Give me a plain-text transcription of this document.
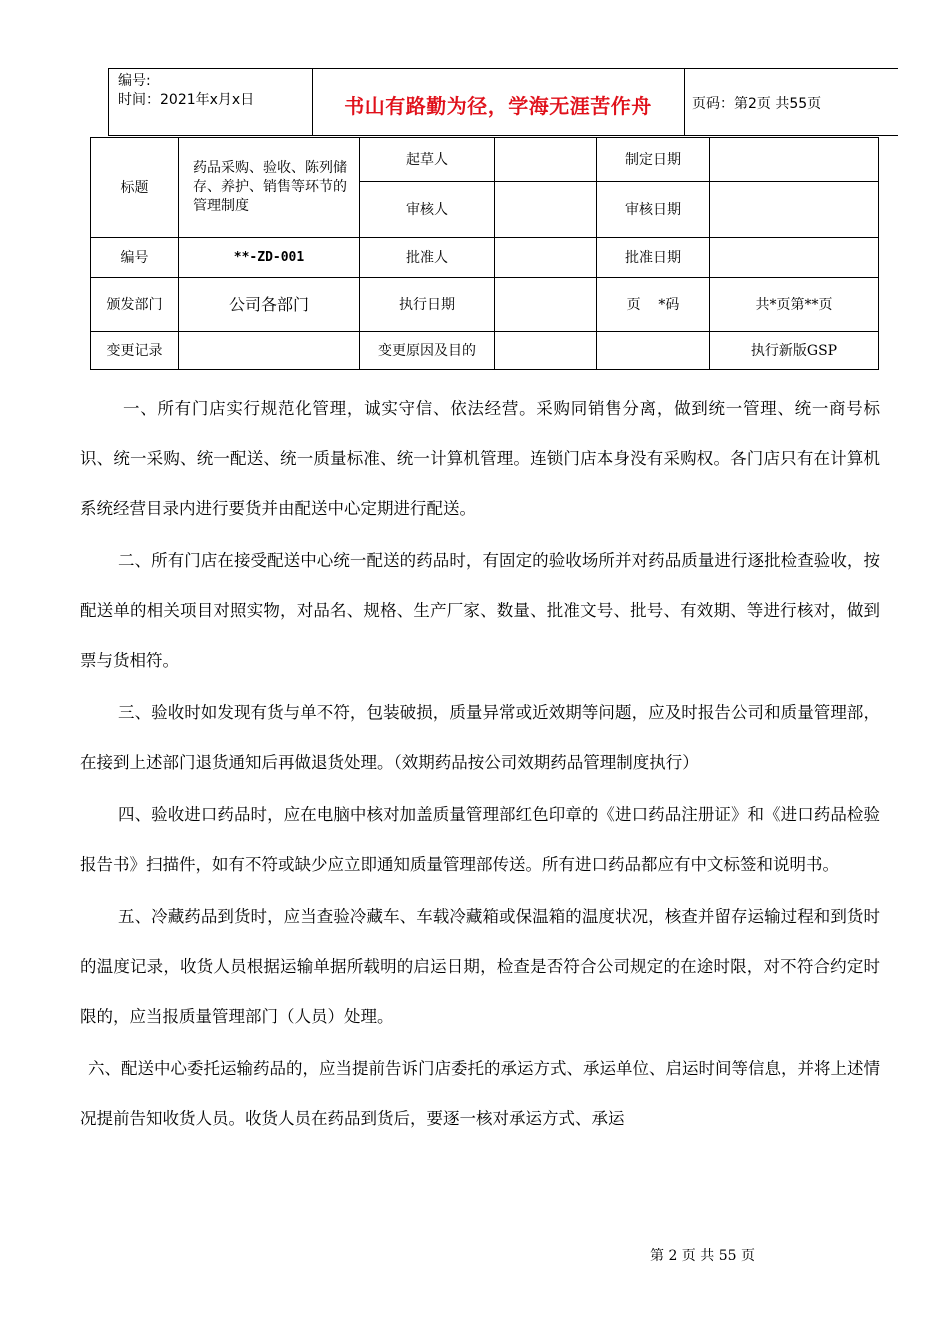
编号:
时间：2021年x月x日	书山有路勤为径，学海无涯苦作舟	页码：第2页 共55页
标题	药品采购、验收、陈列储存、养护、销售等环节的管理制度	起草人		制定日期	
		审核人		审核日期	
编号	**-ZD-001	批准人		批准日期	
颁发部门	公司各部门	执行日期		页    *码	共*页第**页
变更记录		变更原因及目的			执行新版GSP

一、所有门店实行规范化管理，诚实守信、依法经营。采购同销售分离，做到统一管理、统一商号标识、统一采购、统一配送、统一质量标准、统一计算机管理。连锁门店本身没有采购权。各门店只有在计算机系统经营目录内进行要货并由配送中心定期进行配送。

二、所有门店在接受配送中心统一配送的药品时，有固定的验收场所并对药品质量进行逐批检查验收，按配送单的相关项目对照实物，对品名、规格、生产厂家、数量、批准文号、批号、有效期、等进行核对，做到票与货相符。

三、验收时如发现有货与单不符，包装破损，质量异常或近效期等问题，应及时报告公司和质量管理部，在接到上述部门退货通知后再做退货处理。（效期药品按公司效期药品管理制度执行）

四、验收进口药品时，应在电脑中核对加盖质量管理部红色印章的《进口药品注册证》和《进口药品检验报告书》扫描件，如有不符或缺少应立即通知质量管理部传送。所有进口药品都应有中文标签和说明书。

五、冷藏药品到货时，应当查验冷藏车、车载冷藏箱或保温箱的温度状况，核查并留存运输过程和到货时的温度记录，收货人员根据运输单据所载明的启运日期，检查是否符合公司规定的在途时限，对不符合约定时限的，应当报质量管理部门（人员）处理。

六、配送中心委托运输药品的，应当提前告诉门店委托的承运方式、承运单位、启运时间等信息，并将上述情况提前告知收货人员。收货人员在药品到货后，要逐一核对承运方式、承运

第 2 页 共 55 页
